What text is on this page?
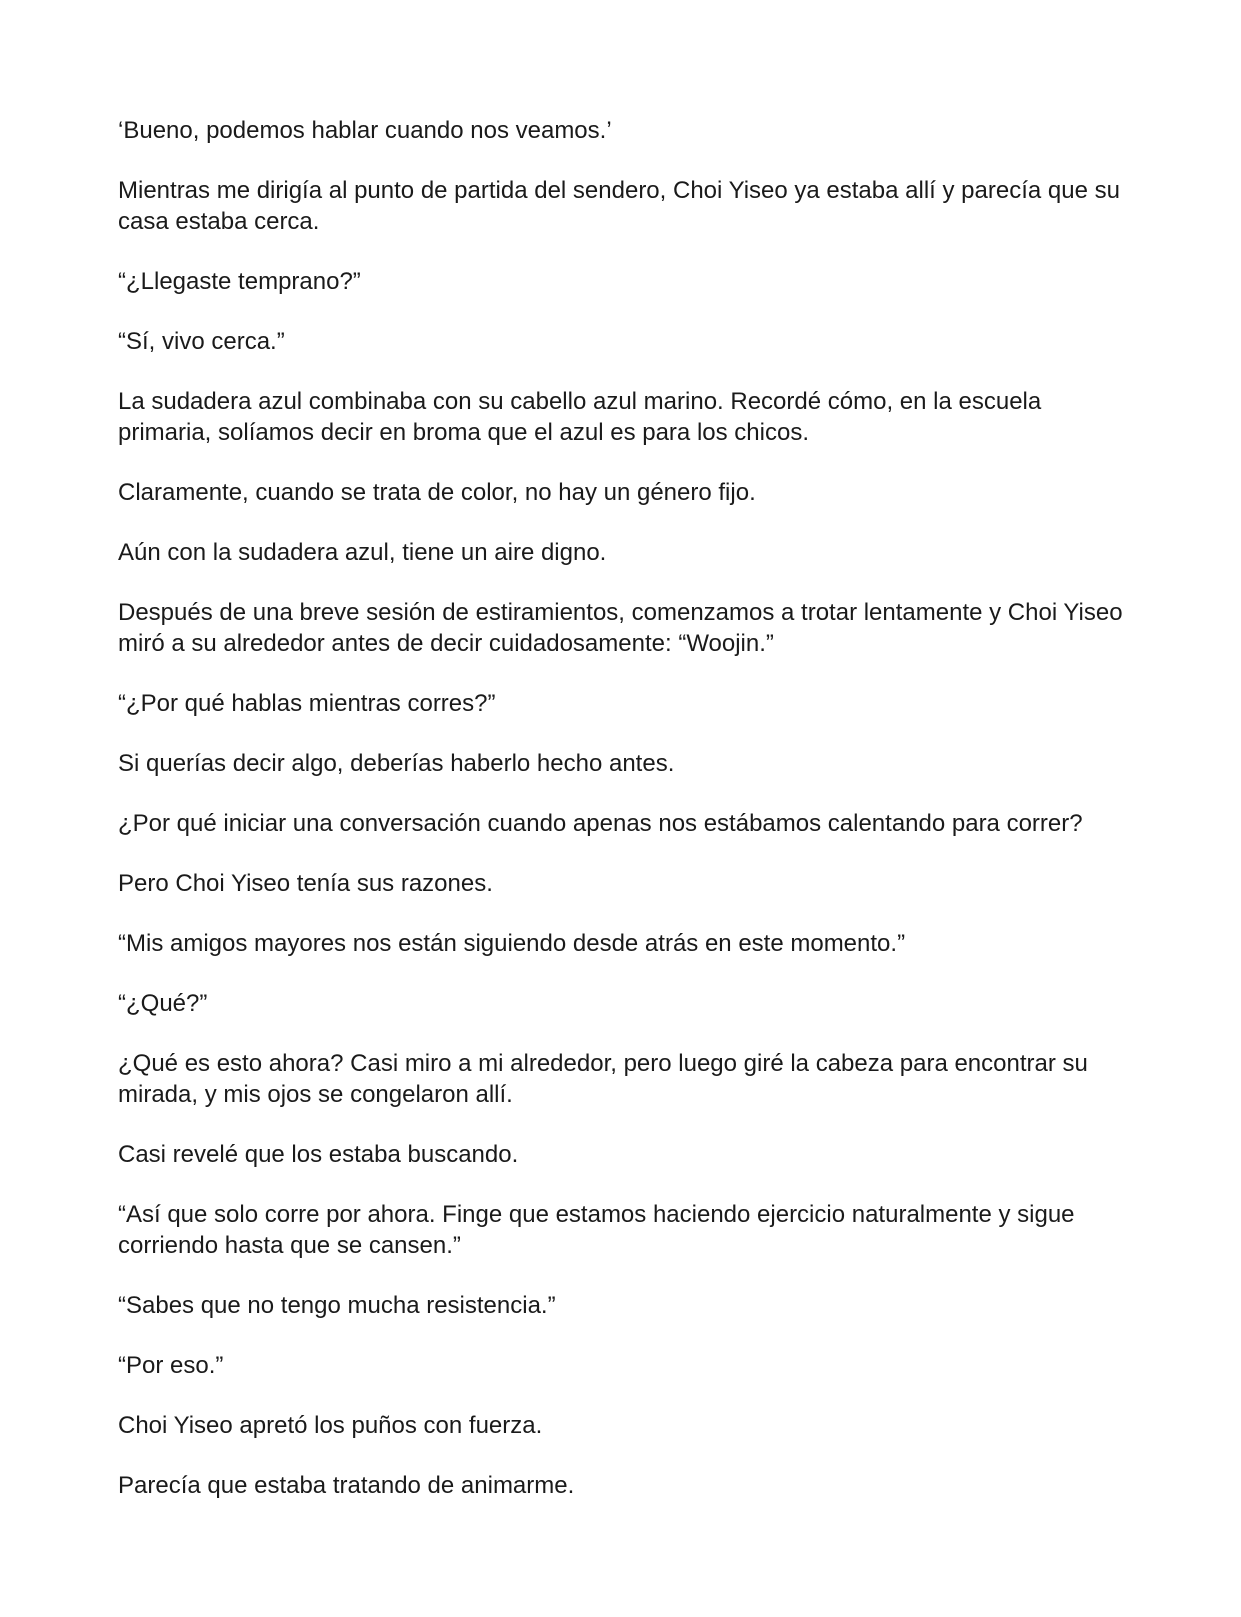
‘Bueno, podemos hablar cuando nos veamos.’

Mientras me dirigía al punto de partida del sendero, Choi Yiseo ya estaba allí y parecía que su casa estaba cerca.

“¿Llegaste temprano?”

“Sí, vivo cerca.”

La sudadera azul combinaba con su cabello azul marino. Recordé cómo, en la escuela primaria, solíamos decir en broma que el azul es para los chicos.

Claramente, cuando se trata de color, no hay un género fijo.

Aún con la sudadera azul, tiene un aire digno.

Después de una breve sesión de estiramientos, comenzamos a trotar lentamente y Choi Yiseo miró a su alrededor antes de decir cuidadosamente: “Woojin.”

“¿Por qué hablas mientras corres?”

Si querías decir algo, deberías haberlo hecho antes.

¿Por qué iniciar una conversación cuando apenas nos estábamos calentando para correr?

Pero Choi Yiseo tenía sus razones.

“Mis amigos mayores nos están siguiendo desde atrás en este momento.”

“¿Qué?”

¿Qué es esto ahora? Casi miro a mi alrededor, pero luego giré la cabeza para encontrar su mirada, y mis ojos se congelaron allí.

Casi revelé que los estaba buscando.

“Así que solo corre por ahora. Finge que estamos haciendo ejercicio naturalmente y sigue corriendo hasta que se cansen.”

“Sabes que no tengo mucha resistencia.”

“Por eso.”

Choi Yiseo apretó los puños con fuerza.

Parecía que estaba tratando de animarme.
